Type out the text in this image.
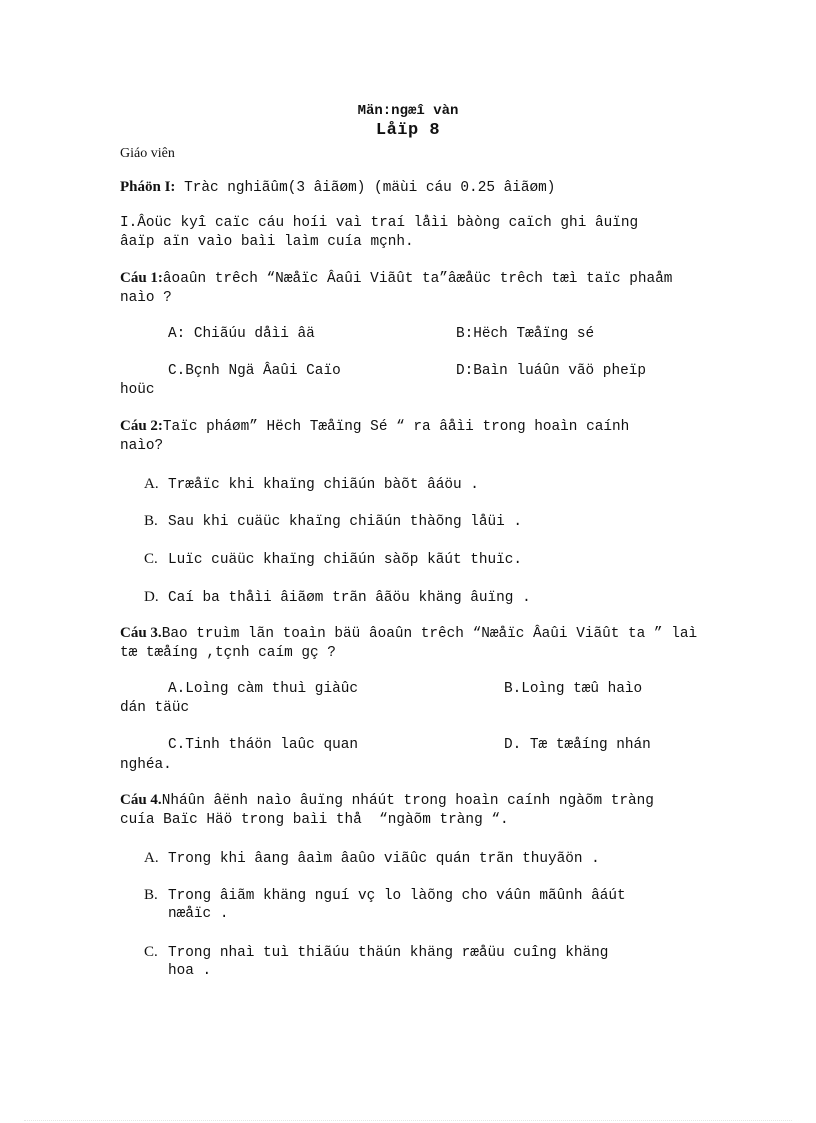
Män:ngæî vàn
Låïp 8
Giáo viên
Pháön I: Tràc nghiãûm(3 âiãøm) (mäùi cáu 0.25 âiãøm)
I.Âoüc kyî caïc cáu hoíi vaì traí låìi bàòng caïch ghi âuïng âaïp aïn vaìo baìi laìm cuía mçnh.
Cáu 1:âoaûn trêch “Næåïc Âaûi Viãût ta”âæåüc trêch tæì taïc phaåm naìo ?
A: Chiãúu dåìi âä	B:Hëch Tæåïng sé
C.Bçnh Ngä Âaûi Caïo	D:Baìn luáûn vãö pheïp
hoüc
Cáu 2:Taïc pháøm” Hëch Tæåïng Sé “ ra âåìi trong hoaìn caính naìo?
A. Træåïc khi khaïng chiãún bàõt âáöu .
B. Sau khi cuäüc khaïng chiãún thàõng låüi .
C. Luïc cuäüc khaïng chiãún sàõp kãút thuïc.
D. Caí ba thåìi âiãøm trãn âãöu khäng âuïng .
Cáu 3.Bao truìm lãn toaìn bäü âoaûn trêch “Næåïc Âaûi Viãût ta ” laì tæ tæåíng ,tçnh caím gç ?
A.Loìng càm thuì giàûc	B.Loìng tæû haìo
dán täüc
C.Tinh tháön laûc quan	D. Tæ tæåíng nhán
nghéa.
Cáu 4.Nháûn âënh naìo âuïng nháút trong hoaìn caính ngàõm tràng cuía Baïc Häö trong baìi thå  “ngàõm tràng “.
A. Trong khi âang âaìm âaûo viãûc quán trãn thuyãön .
B. Trong âiãm khäng nguí vç lo làõng cho váûn mãûnh âáút
næåïc .
C. Trong nhaì tuì thiãúu thäún khäng ræåüu cuîng khäng
hoa .
